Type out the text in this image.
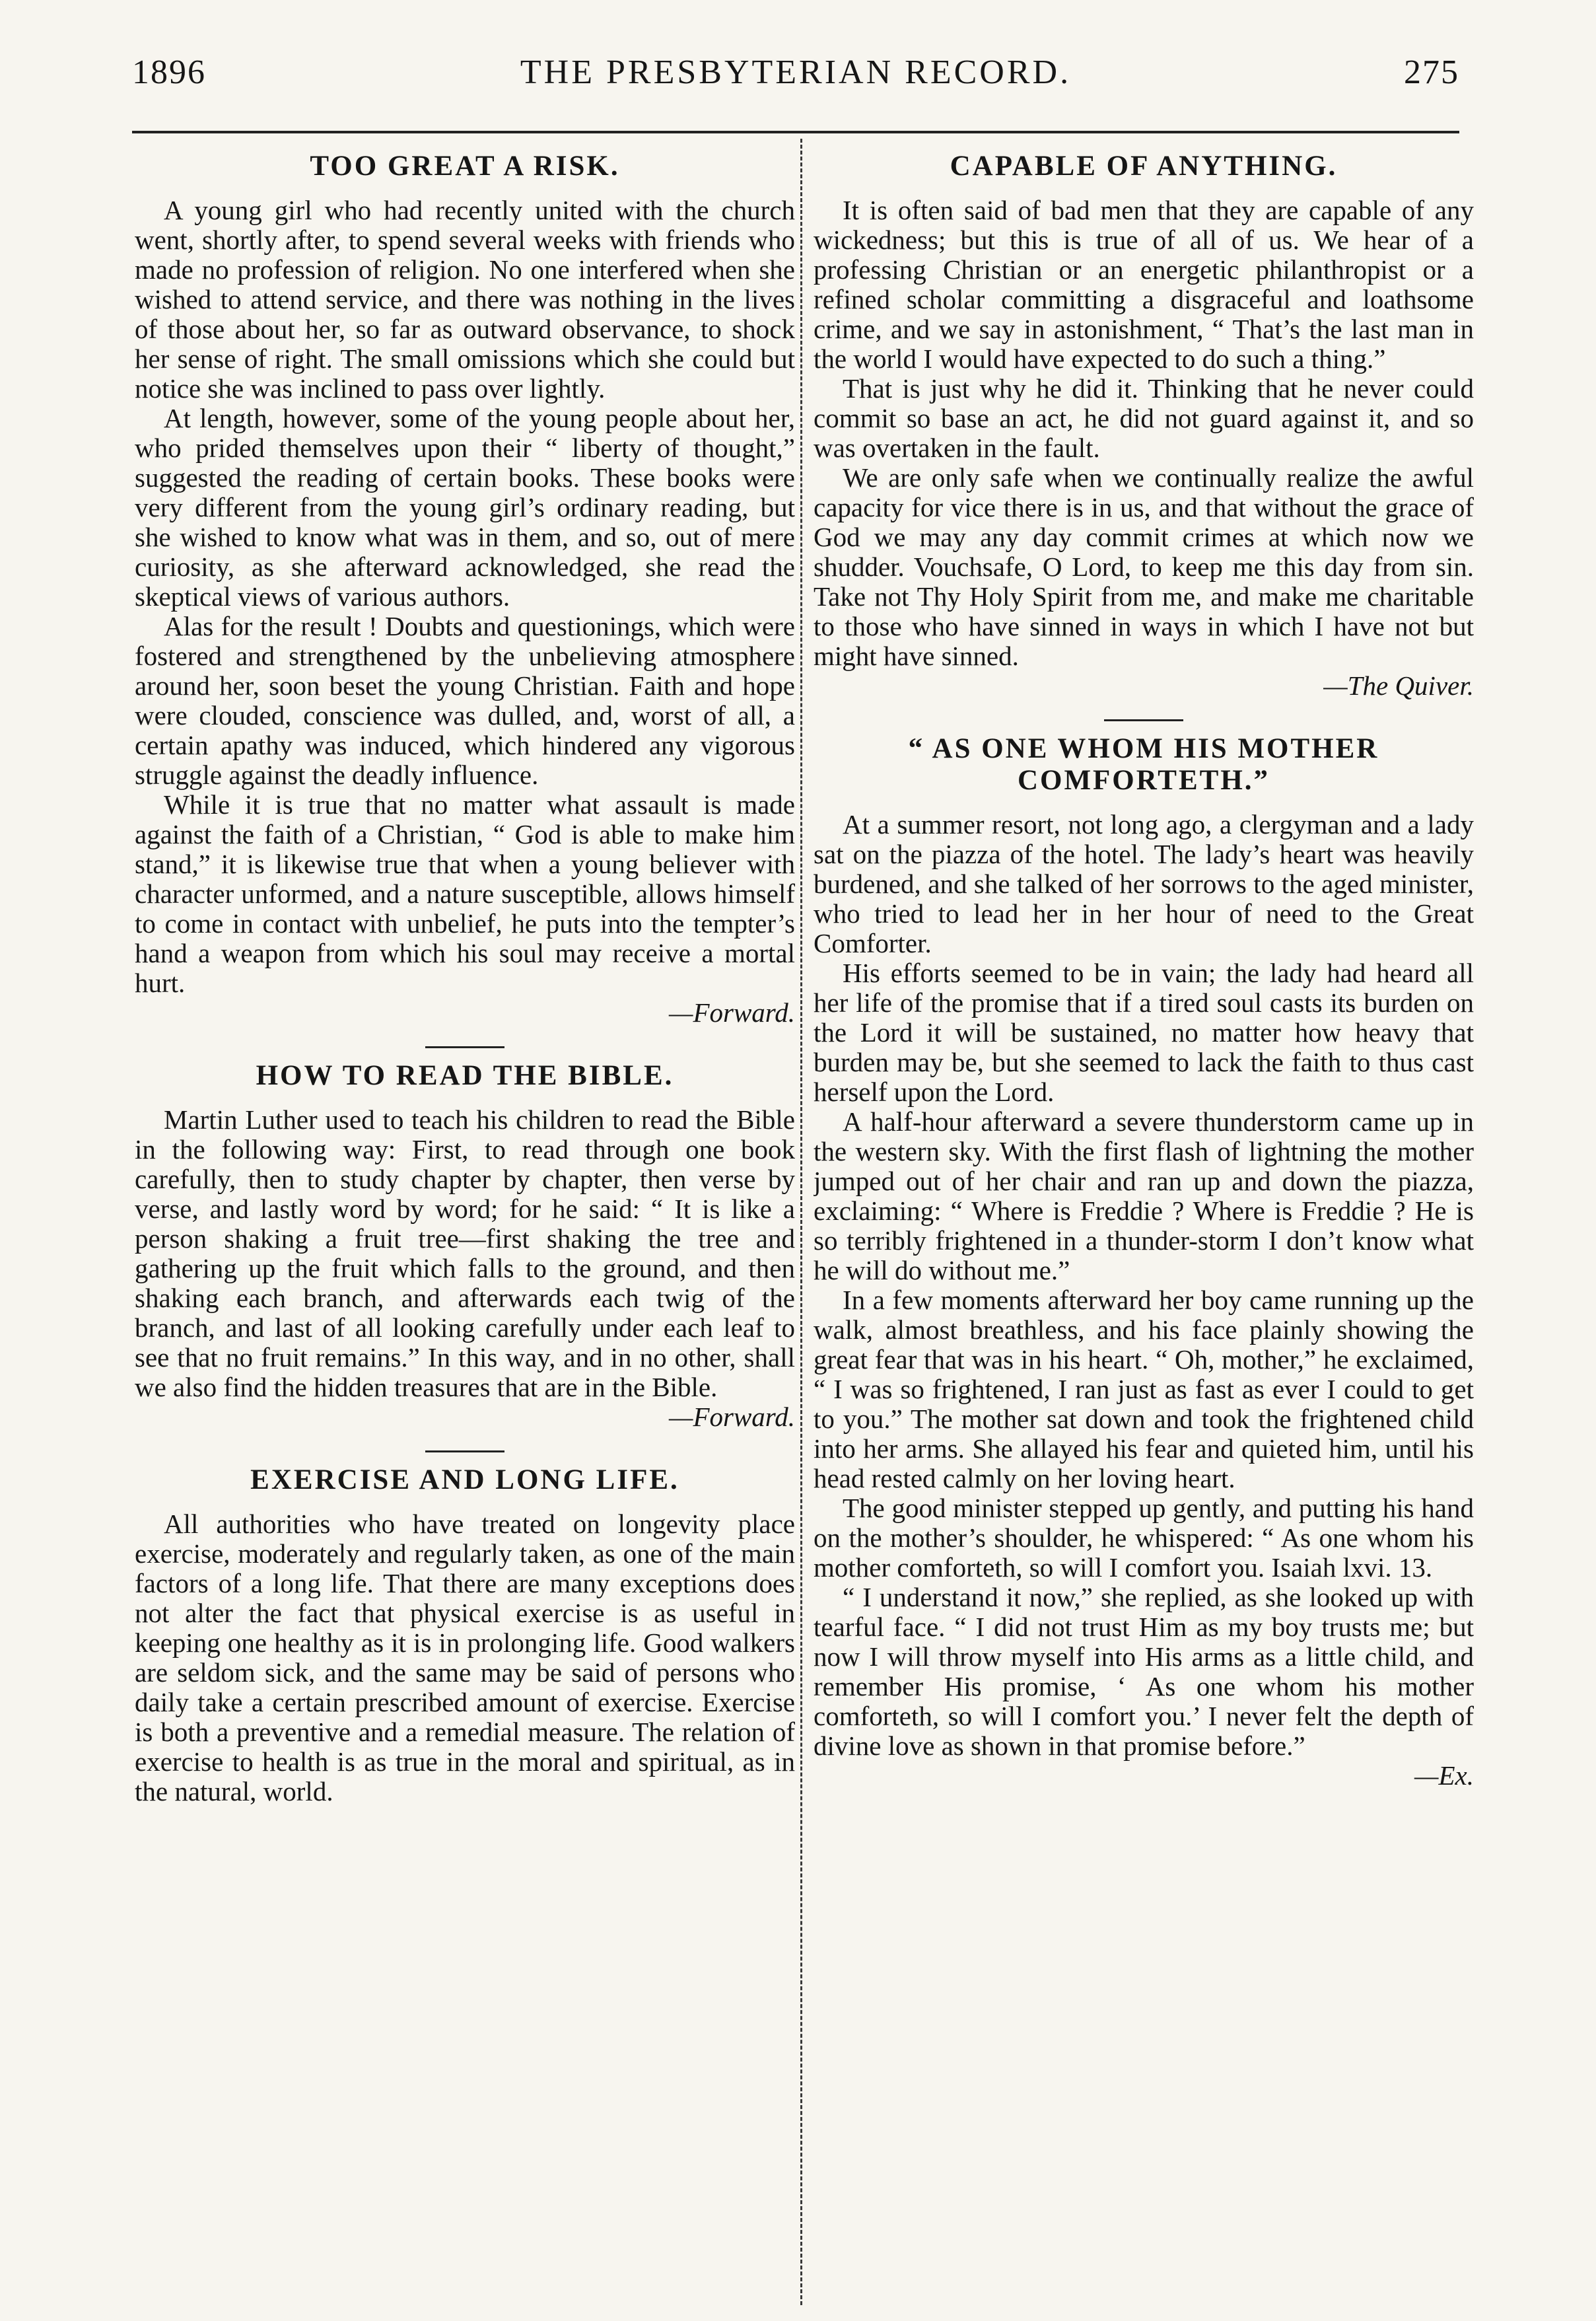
1896	THE PRESBYTERIAN RECORD.	275
TOO GREAT A RISK.

A young girl who had recently united with the church went, shortly after, to spend several weeks with friends who made no profession of religion. No one interfered when she wished to attend service, and there was nothing in the lives of those about her, so far as outward observance, to shock her sense of right. The small omissions which she could but notice she was inclined to pass over lightly.

At length, however, some of the young people about her, who prided themselves upon their “ liberty of thought,” suggested the reading of certain books. These books were very different from the young girl’s ordinary reading, but she wished to know what was in them, and so, out of mere curiosity, as she afterward acknowledged, she read the skeptical views of various authors.

Alas for the result ! Doubts and questionings, which were fostered and strengthened by the unbelieving atmosphere around her, soon beset the young Christian. Faith and hope were clouded, conscience was dulled, and, worst of all, a certain apathy was induced, which hindered any vigorous struggle against the deadly influence.

While it is true that no matter what assault is made against the faith of a Christian, “ God is able to make him stand,” it is likewise true that when a young believer with character unformed, and a nature susceptible, allows himself to come in contact with unbelief, he puts into the tempter’s hand a weapon from which his soul may receive a mortal hurt.

—Forward.
HOW TO READ THE BIBLE.

Martin Luther used to teach his children to read the Bible in the following way: First, to read through one book carefully, then to study chapter by chapter, then verse by verse, and lastly word by word; for he said: “ It is like a person shaking a fruit tree—first shaking the tree and gathering up the fruit which falls to the ground, and then shaking each branch, and afterwards each twig of the branch, and last of all looking carefully under each leaf to see that no fruit remains.” In this way, and in no other, shall we also find the hidden treasures that are in the Bible.

—Forward.
EXERCISE AND LONG LIFE.

All authorities who have treated on longevity place exercise, moderately and regularly taken, as one of the main factors of a long life. That there are many exceptions does not alter the fact that physical exercise is as useful in keeping one healthy as it is in prolonging life. Good walkers are seldom sick, and the same may be said of persons who daily take a certain prescribed amount of exercise. Exercise is both a preventive and a remedial measure. The relation of exercise to health is as true in the moral and spiritual, as in the natural, world.

CAPABLE OF ANYTHING.

It is often said of bad men that they are capable of any wickedness; but this is true of all of us. We hear of a professing Christian or an energetic philanthropist or a refined scholar committing a disgraceful and loathsome crime, and we say in astonishment, “ That’s the last man in the world I would have expected to do such a thing.”

That is just why he did it. Thinking that he never could commit so base an act, he did not guard against it, and so was overtaken in the fault.

We are only safe when we continually realize the awful capacity for vice there is in us, and that without the grace of God we may any day commit crimes at which now we shudder. Vouchsafe, O Lord, to keep me this day from sin. Take not Thy Holy Spirit from me, and make me charitable to those who have sinned in ways in which I have not but might have sinned.

—The Quiver.
“ AS ONE WHOM HIS MOTHER COMFORTETH.”

At a summer resort, not long ago, a clergyman and a lady sat on the piazza of the hotel. The lady’s heart was heavily burdened, and she talked of her sorrows to the aged minister, who tried to lead her in her hour of need to the Great Comforter.

His efforts seemed to be in vain; the lady had heard all her life of the promise that if a tired soul casts its burden on the Lord it will be sustained, no matter how heavy that burden may be, but she seemed to lack the faith to thus cast herself upon the Lord.

A half-hour afterward a severe thunderstorm came up in the western sky. With the first flash of lightning the mother jumped out of her chair and ran up and down the piazza, exclaiming: “ Where is Freddie ? Where is Freddie ? He is so terribly frightened in a thunder-storm I don’t know what he will do without me.”

In a few moments afterward her boy came running up the walk, almost breathless, and his face plainly showing the great fear that was in his heart. “ Oh, mother,” he exclaimed, “ I was so frightened, I ran just as fast as ever I could to get to you.” The mother sat down and took the frightened child into her arms. She allayed his fear and quieted him, until his head rested calmly on her loving heart.

The good minister stepped up gently, and putting his hand on the mother’s shoulder, he whispered: “ As one whom his mother comforteth, so will I comfort you. Isaiah lxvi. 13.

“ I understand it now,” she replied, as she looked up with tearful face. “ I did not trust Him as my boy trusts me; but now I will throw myself into His arms as a little child, and remember His promise, ‘ As one whom his mother comforteth, so will I comfort you.’ I never felt the depth of divine love as shown in that promise before.”

—Ex.
